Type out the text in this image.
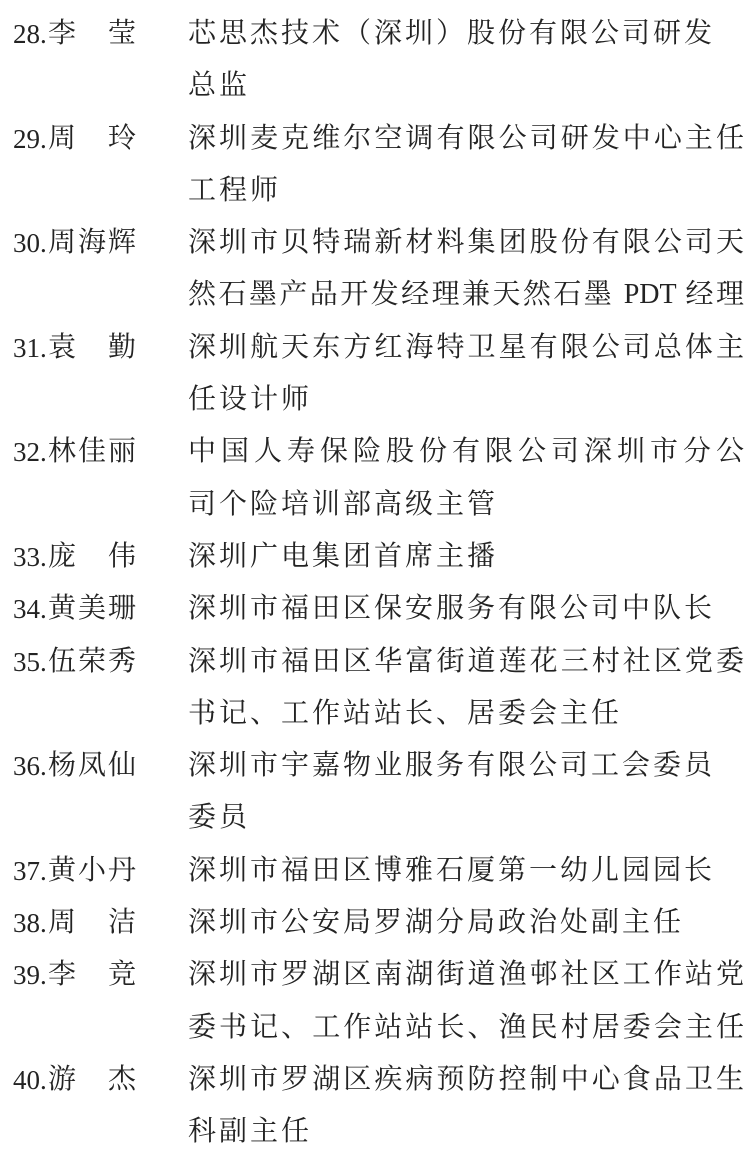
28. 李 莹 芯思杰技术（深圳）股份有限公司研发总监
29. 周 玲 深圳麦克维尔空调有限公司研发中心主任
工程师
30. 周 海 辉 深圳市贝特瑞新材料集团股份有限公司天
然石墨产品开发经理兼天然石墨 PDT 经理
31. 袁 勤 深圳航天东方红海特卫星有限公司总体主
任设计师
32. 林 佳 丽 中国人寿保险股份有限公司深圳市分公
司个险培训部高级主管
33. 庞 伟 深圳广电集团首席主播
34. 黄 美 珊 深圳市福田区保安服务有限公司中队长
35. 伍 荣 秀 深圳市福田区华富街道莲花三村社区党委
书记、工作站站长、居委会主任
36. 杨 凤 仙 深圳市宇嘉物业服务有限公司工会委员委员
37. 黄 小 丹 深圳市福田区博雅石厦第一幼儿园园长
38. 周 洁 深圳市公安局罗湖分局政治处副主任
39. 李 竞 深圳市罗湖区南湖街道渔邨社区工作站党
委书记、工作站站长、渔民村居委会主任
40. 游 杰 深圳市罗湖区疾病预防控制中心食品卫生
科副主任
